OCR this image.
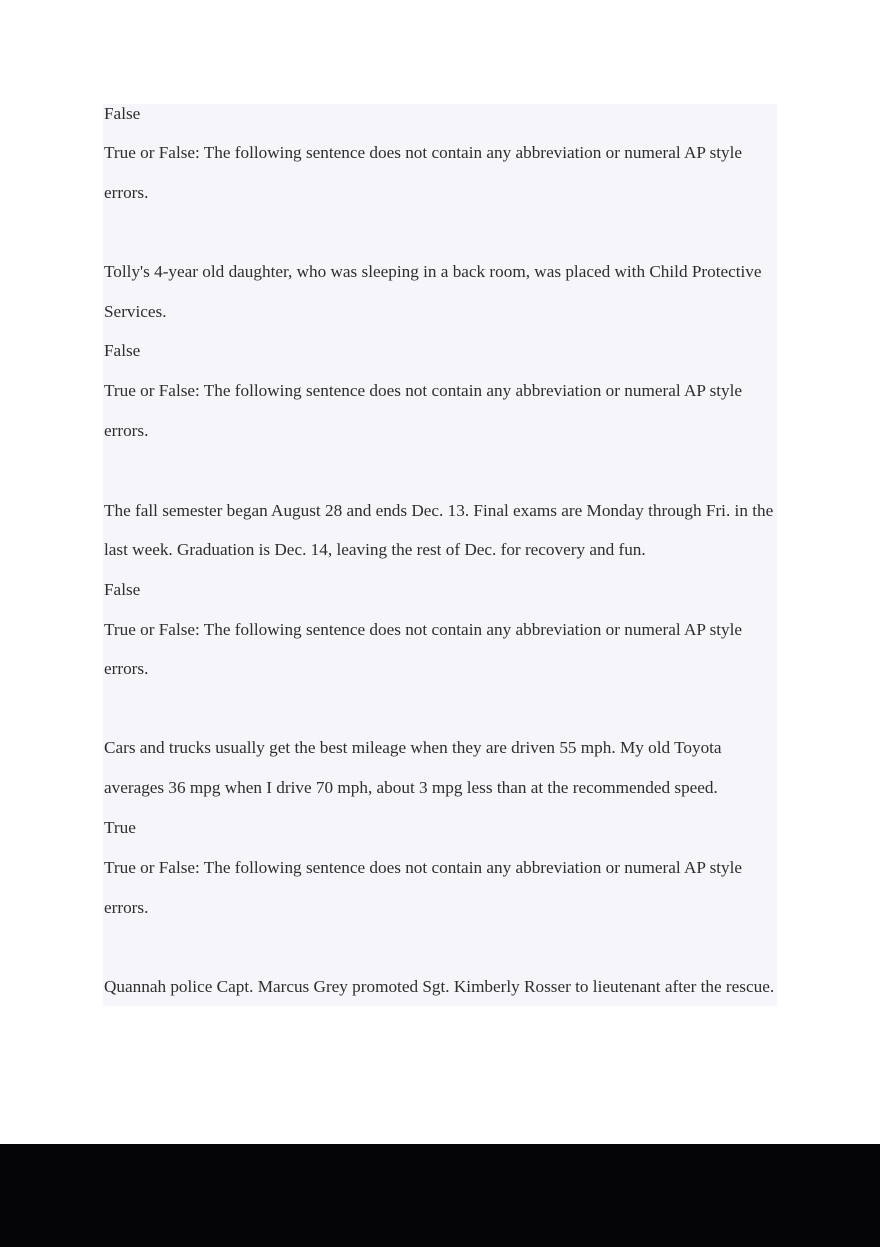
False
True or False: The following sentence does not contain any abbreviation or numeral AP style
errors.
Tolly's 4-year old daughter, who was sleeping in a back room, was placed with Child Protective
Services.
False
True or False: The following sentence does not contain any abbreviation or numeral AP style
errors.
The fall semester began August 28 and ends Dec. 13. Final exams are Monday through Fri. in the
last week. Graduation is Dec. 14, leaving the rest of Dec. for recovery and fun.
False
True or False: The following sentence does not contain any abbreviation or numeral AP style
errors.
Cars and trucks usually get the best mileage when they are driven 55 mph. My old Toyota
averages 36 mpg when I drive 70 mph, about 3 mpg less than at the recommended speed.
True
True or False: The following sentence does not contain any abbreviation or numeral AP style
errors.
Quannah police Capt. Marcus Grey promoted Sgt. Kimberly Rosser to lieutenant after the rescue.
